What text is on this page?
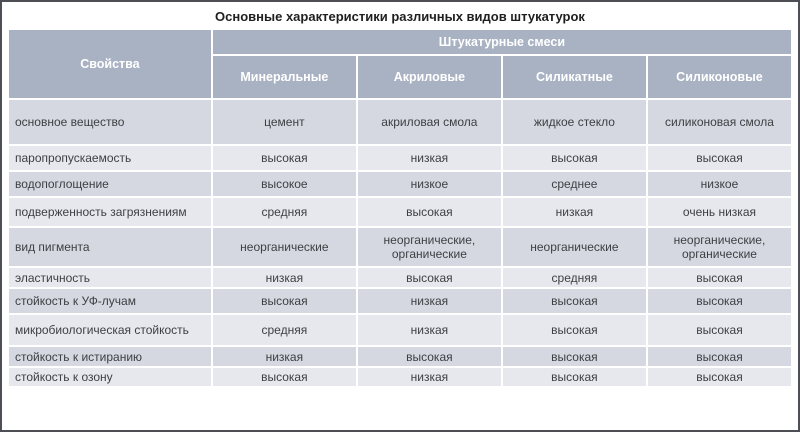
Основные характеристики различных видов штукатурок
Свойства	Штукатурные смеси			
	Минеральные	Акриловые	Силикатные	Силиконовые
основное вещество	цемент	акриловая смола	жидкое стекло	силиконовая смола
паропропускаемость	высокая	низкая	высокая	высокая
водопоглощение	высокое	низкое	среднее	низкое
подверженность загрязнениям	средняя	высокая	низкая	очень низкая
вид пигмента	неорганические	неорганические, органические	неорганические	неорганические, органические
эластичность	низкая	высокая	средняя	высокая
стойкость к УФ-лучам	высокая	низкая	высокая	высокая
микробиологическая стойкость	средняя	низкая	высокая	высокая
стойкость к истиранию	низкая	высокая	высокая	высокая
стойкость к озону	высокая	низкая	высокая	высокая
